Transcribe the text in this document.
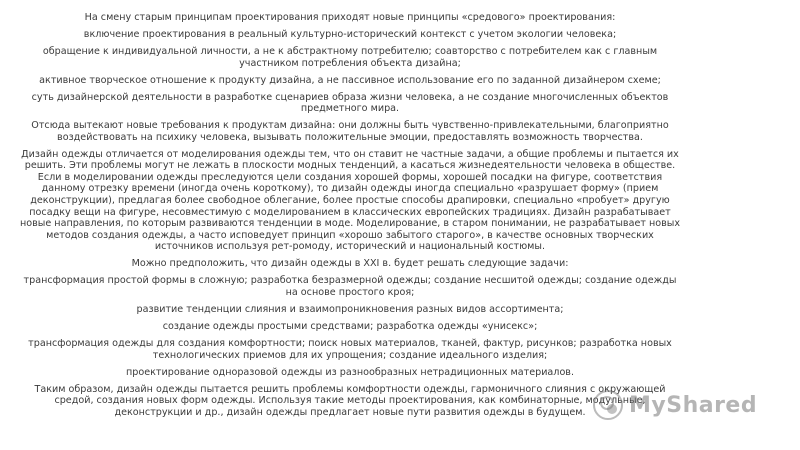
На смену старым принципам проектирования приходят новые принципы «средового» проектирования:

включение проектирования в реальный культурно-исторический контекст с учетом экологии человека;

обращение к индивидуальной личности, а не к абстрактному потребителю; соавторство с потребителем как с главным участником потребления объекта дизайна;

активное творческое отношение к продукту дизайна, а не пассивное использование его по заданной дизайнером схеме;

суть дизайнерской деятельности в разработке сценариев образа жизни человека, а не создание многочисленных объектов предметного мира.

Отсюда вытекают новые требования к продуктам дизайна: они должны быть чувственно-привлекательными, благоприятно воздействовать на психику человека, вызывать положительные эмоции, предоставлять возможность творчества.

Дизайн одежды отличается от моделирования одежды тем, что он ставит не частные задачи, а общие проблемы и пытается их решить. Эти проблемы могут не лежать в плоскости модных тенденций, а касаться жизнедеятельности человека в обществе. Если в моделировании одежды преследуются цели создания хорошей формы, хорошей посадки на фигуре, соответствия данному отрезку времени (иногда очень короткому), то дизайн одежды иногда специально «разрушает форму» (прием деконструкции), предлагая более свободное облегание, более простые способы драпировки, специально «пробует» другую посадку вещи на фигуре, несовместимую с моделированием в классических европейских традициях. Дизайн разрабатывает новые направления, по которым развиваются тенденции в моде. Моделирование, в старом понимании, не разрабатывает новых методов создания одежды, а часто исповедует принцип «хорошо забытого старого», в качестве основных творческих источников используя рет-ромоду, исторический и национальный костюмы.

Можно предположить, что дизайн одежды в XXI в. будет решать следующие задачи:

трансформация простой формы в сложную; разработка безразмерной одежды; создание несшитой одежды; создание одежды на основе простого кроя;

развитие тенденции слияния и взаимопроникновения разных видов ассортимента;

создание одежды простыми средствами; разработка одежды «унисекс»;

трансформация одежды для создания комфортности; поиск новых материалов, тканей, фактур, рисунков; разработка новых технологических приемов для их упрощения; создание идеального изделия;

проектирование одноразовой одежды из разнообразных нетрадиционных материалов.

Таким образом, дизайн одежды пытается решить проблемы комфортности одежды, гармоничного слияния с окружающей средой, создания новых форм одежды. Используя такие методы проектирования, как комбинаторные, модульные, деконструкции и др., дизайн одежды предлагает новые пути развития одежды в будущем.	MyShared
